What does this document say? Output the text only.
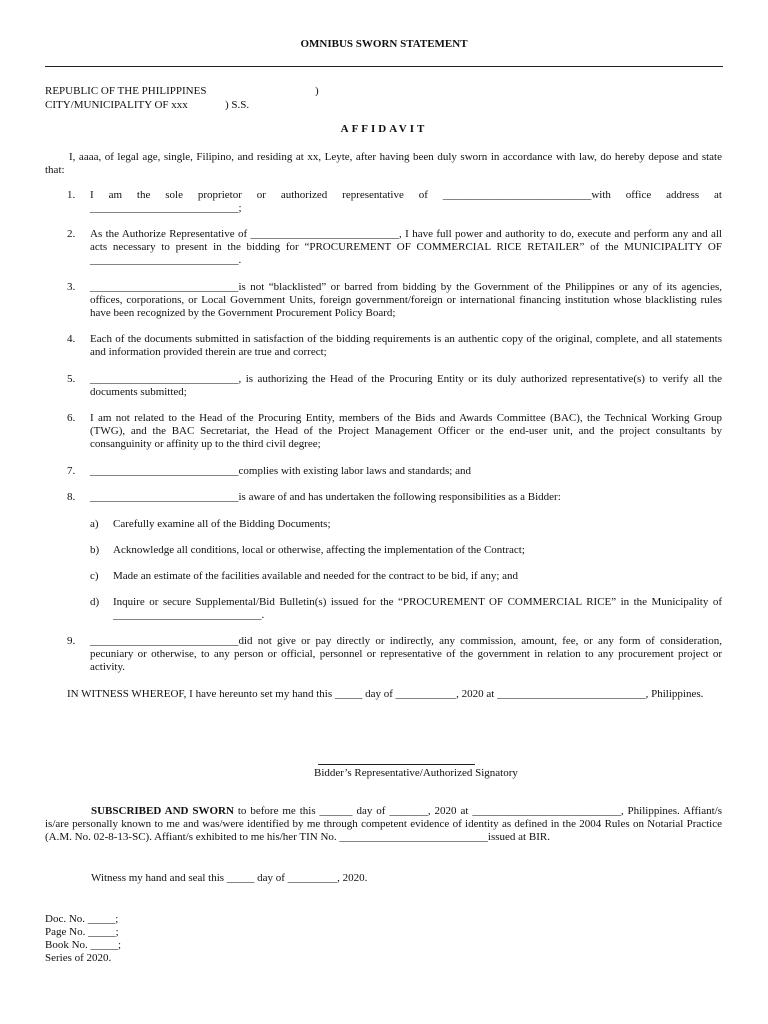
OMNIBUS SWORN STATEMENT
REPUBLIC OF THE PHILIPPINES	)
CITY/MUNICIPALITY OF xxx	) S.S.
AFFIDAVIT
I, aaaa, of legal age, single, Filipino, and residing at xx, Leyte, after having been duly sworn in accordance with law, do hereby depose and state that:
1. I am the sole proprietor or authorized representative of ___________________________with office address at ___________________________;
2. As the Authorize Representative of ___________________________, I have full power and authority to do, execute and perform any and all acts necessary to present in the bidding for “PROCUREMENT OF COMMERCIAL RICE RETAILER” of the MUNICIPALITY OF ___________________________.
3. ___________________________is not “blacklisted” or barred from bidding by the Government of the Philippines or any of its agencies, offices, corporations, or Local Government Units, foreign government/foreign or international financing institution whose blacklisting rules have been recognized by the Government Procurement Policy Board;
4. Each of the documents submitted in satisfaction of the bidding requirements is an authentic copy of the original, complete, and all statements and information provided therein are true and correct;
5. ___________________________, is authorizing the Head of the Procuring Entity or its duly authorized representative(s) to verify all the documents submitted;
6. I am not related to the Head of the Procuring Entity, members of the Bids and Awards Committee (BAC), the Technical Working Group (TWG), and the BAC Secretariat, the Head of the Project Management Officer or the end-user unit, and the project consultants by consanguinity or affinity up to the third civil degree;
7. ___________________________complies with existing labor laws and standards; and
8. ___________________________is aware of and has undertaken the following responsibilities as a Bidder:
a) Carefully examine all of the Bidding Documents;
b) Acknowledge all conditions, local or otherwise, affecting the implementation of the Contract;
c) Made an estimate of the facilities available and needed for the contract to be bid, if any; and
d) Inquire or secure Supplemental/Bid Bulletin(s) issued for the “PROCUREMENT OF COMMERCIAL RICE” in the Municipality of ___________________________.
9. ___________________________did not give or pay directly or indirectly, any commission, amount, fee, or any form of consideration, pecuniary or otherwise, to any person or official, personnel or representative of the government in relation to any procurement project or activity.
IN WITNESS WHEREOF, I have hereunto set my hand this _____ day of ___________, 2020 at ___________________________, Philippines.
Bidder’s Representative/Authorized Signatory
SUBSCRIBED AND SWORN to before me this ______ day of _______, 2020 at ___________________________, Philippines. Affiant/s is/are personally known to me and was/were identified by me through competent evidence of identity as defined in the 2004 Rules on Notarial Practice (A.M. No. 02-8-13-SC). Affiant/s exhibited to me his/her TIN No. ___________________________issued at BIR.
Witness my hand and seal this _____ day of _________, 2020.
Doc. No. _____;
Page No. _____;
Book No. _____;
Series of 2020.
